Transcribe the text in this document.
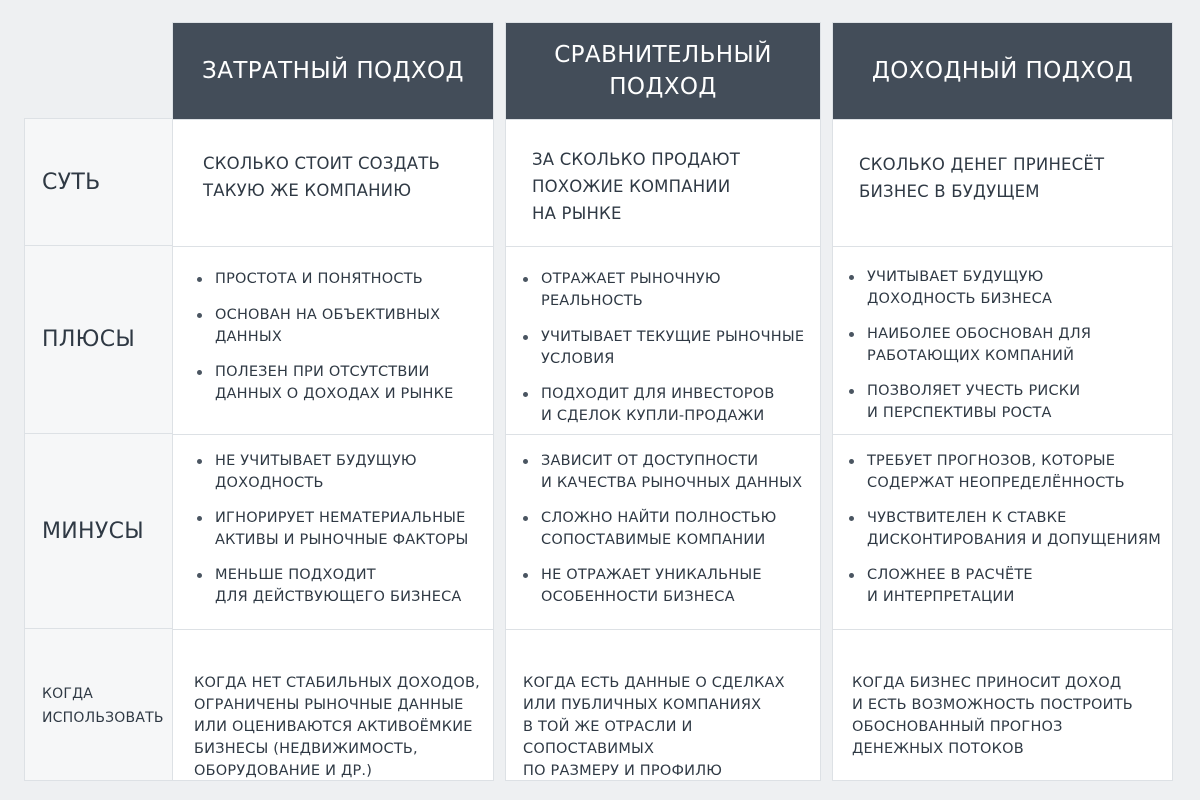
СУТЬ
ПЛЮСЫ
МИНУСЫ
КОГДА
ИСПОЛЬЗОВАТЬ
ЗАТРАТНЫЙ ПОДХОД
СКОЛЬКО СТОИТ СОЗДАТЬ
ТАКУЮ ЖЕ КОМПАНИЮ
ПРОСТОТА И ПОНЯТНОСТЬ
ОСНОВАН НА ОБЪЕКТИВНЫХ
ДАННЫХ
ПОЛЕЗЕН ПРИ ОТСУТСТВИИ
ДАННЫХ О ДОХОДАХ И РЫНКЕ
НЕ УЧИТЫВАЕТ БУДУЩУЮ
ДОХОДНОСТЬ
ИГНОРИРУЕТ НЕМАТЕРИАЛЬНЫЕ
АКТИВЫ И РЫНОЧНЫЕ ФАКТОРЫ
МЕНЬШЕ ПОДХОДИТ
ДЛЯ ДЕЙСТВУЮЩЕГО БИЗНЕСА
КОГДА НЕТ СТАБИЛЬНЫХ ДОХОДОВ,
ОГРАНИЧЕНЫ РЫНОЧНЫЕ ДАННЫЕ
ИЛИ ОЦЕНИВАЮТСЯ АКТИВОЁМКИЕ
БИЗНЕСЫ (НЕДВИЖИМОСТЬ,
ОБОРУДОВАНИЕ И ДР.)
СРАВНИТЕЛЬНЫЙ
ПОДХОД
ЗА СКОЛЬКО ПРОДАЮТ
ПОХОЖИЕ КОМПАНИИ
НА РЫНКЕ
ОТРАЖАЕТ РЫНОЧНУЮ РЕАЛЬНОСТЬ
УЧИТЫВАЕТ ТЕКУЩИЕ РЫНОЧНЫЕ
УСЛОВИЯ
ПОДХОДИТ ДЛЯ ИНВЕСТОРОВ
И СДЕЛОК КУПЛИ-ПРОДАЖИ
ЗАВИСИТ ОТ ДОСТУПНОСТИ
И КАЧЕСТВА РЫНОЧНЫХ ДАННЫХ
СЛОЖНО НАЙТИ ПОЛНОСТЬЮ
СОПОСТАВИМЫЕ КОМПАНИИ
НЕ ОТРАЖАЕТ УНИКАЛЬНЫЕ
ОСОБЕННОСТИ БИЗНЕСА
КОГДА ЕСТЬ ДАННЫЕ О СДЕЛКАХ
ИЛИ ПУБЛИЧНЫХ КОМПАНИЯХ
В ТОЙ ЖЕ ОТРАСЛИ И СОПОСТАВИМЫХ
ПО РАЗМЕРУ И ПРОФИЛЮ
ДОХОДНЫЙ ПОДХОД
СКОЛЬКО ДЕНЕГ ПРИНЕСЁТ
БИЗНЕС В БУДУЩЕМ
УЧИТЫВАЕТ БУДУЩУЮ
ДОХОДНОСТЬ БИЗНЕСА
НАИБОЛЕЕ ОБОСНОВАН ДЛЯ
РАБОТАЮЩИХ КОМПАНИЙ
ПОЗВОЛЯЕТ УЧЕСТЬ РИСКИ
И ПЕРСПЕКТИВЫ РОСТА
ТРЕБУЕТ ПРОГНОЗОВ, КОТОРЫЕ
СОДЕРЖАТ НЕОПРЕДЕЛЁННОСТЬ
ЧУВСТВИТЕЛЕН К СТАВКЕ
ДИСКОНТИРОВАНИЯ И ДОПУЩЕНИЯМ
СЛОЖНЕЕ В РАСЧЁТЕ
И ИНТЕРПРЕТАЦИИ
КОГДА БИЗНЕС ПРИНОСИТ ДОХОД
И ЕСТЬ ВОЗМОЖНОСТЬ ПОСТРОИТЬ
ОБОСНОВАННЫЙ ПРОГНОЗ
ДЕНЕЖНЫХ ПОТОКОВ
